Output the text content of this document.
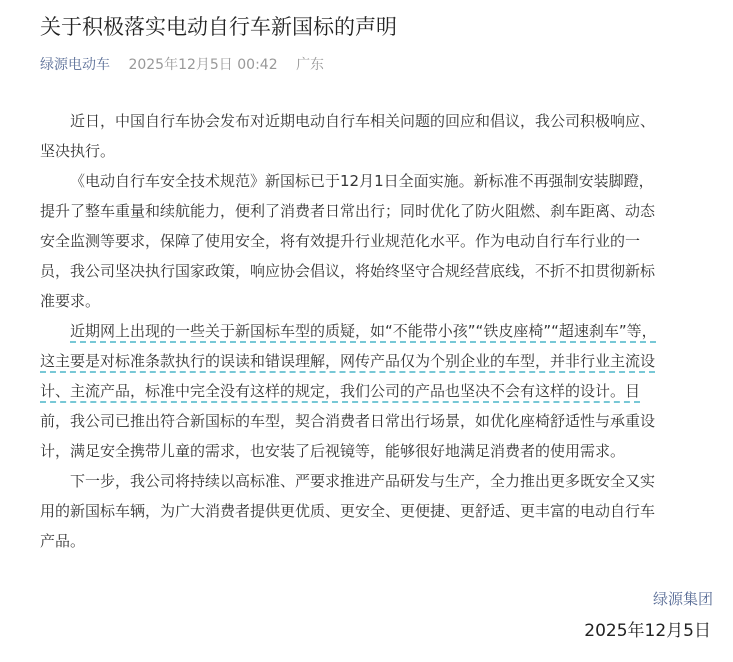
关于积极落实电动自行车新国标的声明
绿源电动车 2025年12月5日 00:42 广东
近日，中国自行车协会发布对近期电动自行车相关问题的回应和倡议，我公司积极响应、
坚决执行。
《电动自行车安全技术规范》新国标已于12月1日全面实施。新标准不再强制安装脚蹬，
提升了整车重量和续航能力，便利了消费者日常出行；同时优化了防火阻燃、刹车距离、动态
安全监测等要求，保障了使用安全，将有效提升行业规范化水平。作为电动自行车行业的一
员，我公司坚决执行国家政策，响应协会倡议，将始终坚守合规经营底线，不折不扣贯彻新标
准要求。
近期网上出现的一些关于新国标车型的质疑，如“不能带小孩”“铁皮座椅”“超速刹车”等，
这主要是对标准条款执行的误读和错误理解，网传产品仅为个别企业的车型，并非行业主流设
计、主流产品，标准中完全没有这样的规定，我们公司的产品也坚决不会有这样的设计。目
前，我公司已推出符合新国标的车型，契合消费者日常出行场景，如优化座椅舒适性与承重设
计，满足安全携带儿童的需求，也安装了后视镜等，能够很好地满足消费者的使用需求。
下一步，我公司将持续以高标准、严要求推进产品研发与生产，全力推出更多既安全又实
用的新国标车辆，为广大消费者提供更优质、更安全、更便捷、更舒适、更丰富的电动自行车
产品。
绿源集团
2025年12月5日
